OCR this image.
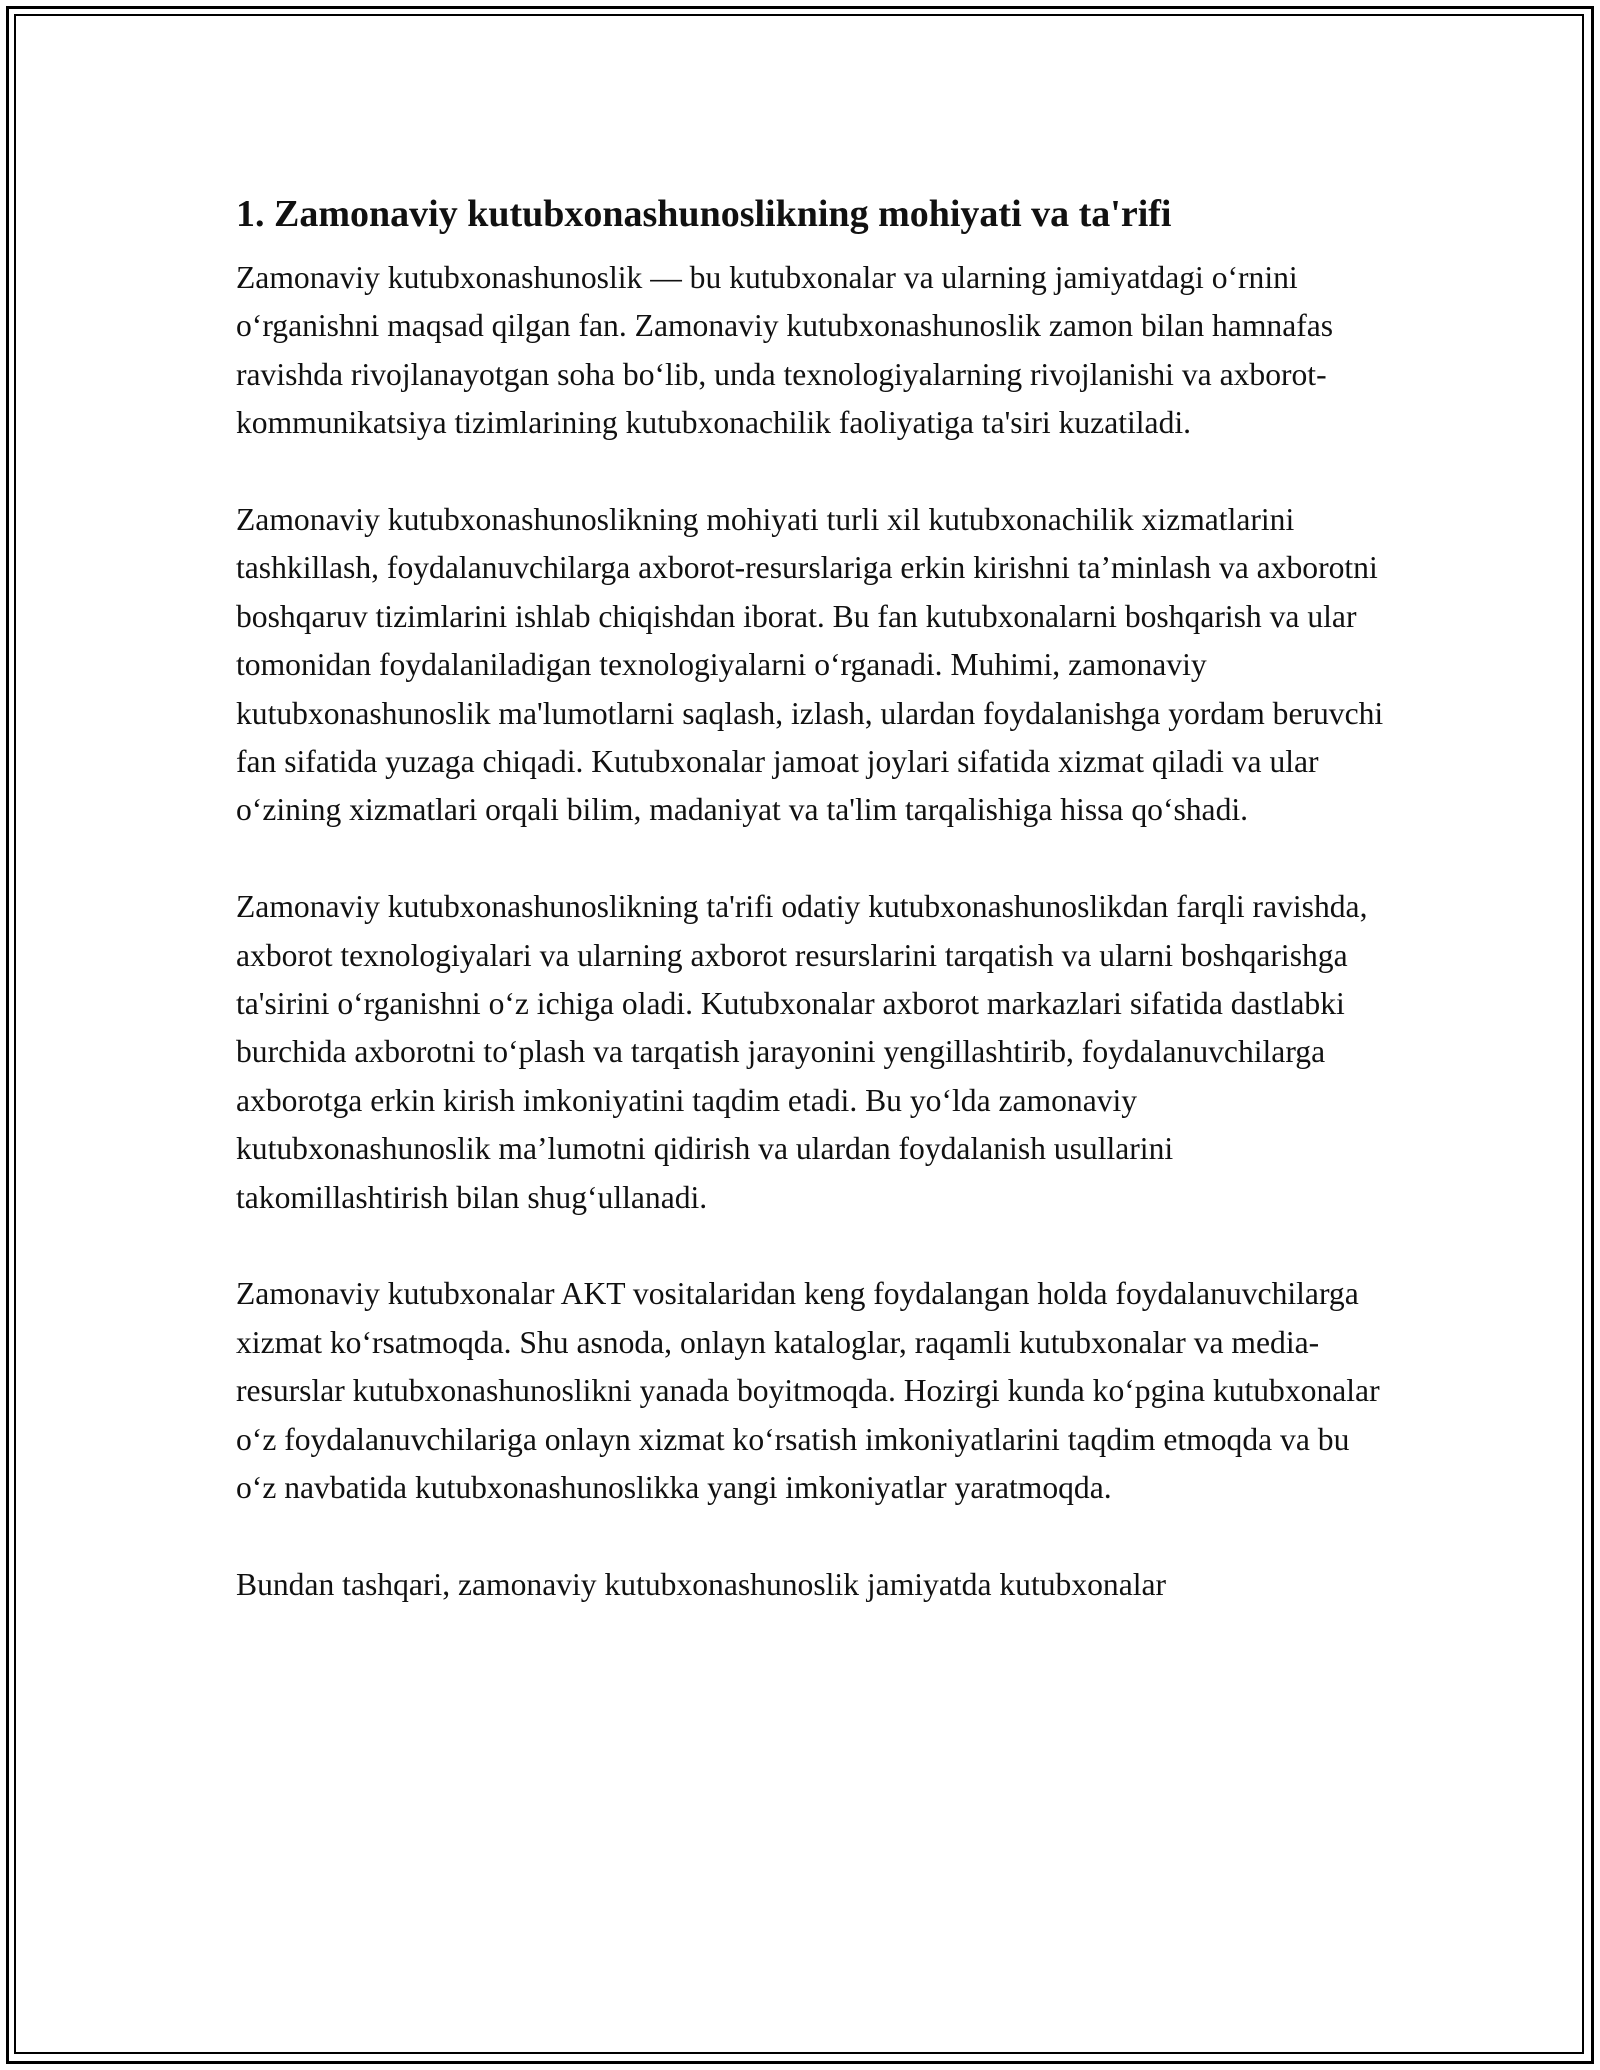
1. Zamonaviy kutubxonashunoslikning mohiyati va ta'rifi

Zamonaviy kutubxonashunoslik — bu kutubxonalar va ularning jamiyatdagi o‘rnini o‘rganishni maqsad qilgan fan. Zamonaviy kutubxonashunoslik zamon bilan hamnafas ravishda rivojlanayotgan soha bo‘lib, unda texnologiyalarning rivojlanishi va axborot-kommunikatsiya tizimlarining kutubxonachilik faoliyatiga ta'siri kuzatiladi.

Zamonaviy kutubxonashunoslikning mohiyati turli xil kutubxonachilik xizmatlarini tashkillash, foydalanuvchilarga axborot-resurslariga erkin kirishni ta’minlash va axborotni boshqaruv tizimlarini ishlab chiqishdan iborat. Bu fan kutubxonalarni boshqarish va ular tomonidan foydalaniladigan texnologiyalarni o‘rganadi. Muhimi, zamonaviy kutubxonashunoslik ma'lumotlarni saqlash, izlash, ulardan foydalanishga yordam beruvchi fan sifatida yuzaga chiqadi. Kutubxonalar jamoat joylari sifatida xizmat qiladi va ular o‘zining xizmatlari orqali bilim, madaniyat va ta'lim tarqalishiga hissa qo‘shadi.

Zamonaviy kutubxonashunoslikning ta'rifi odatiy kutubxonashunoslikdan farqli ravishda, axborot texnologiyalari va ularning axborot resurslarini tarqatish va ularni boshqarishga ta'sirini o‘rganishni o‘z ichiga oladi. Kutubxonalar axborot markazlari sifatida dastlabki burchida axborotni to‘plash va tarqatish jarayonini yengillashtirib, foydalanuvchilarga axborotga erkin kirish imkoniyatini taqdim etadi. Bu yo‘lda zamonaviy kutubxonashunoslik ma’lumotni qidirish va ulardan foydalanish usullarini takomillashtirish bilan shug‘ullanadi.

Zamonaviy kutubxonalar AKT vositalaridan keng foydalangan holda foydalanuvchilarga xizmat ko‘rsatmoqda. Shu asnoda, onlayn kataloglar, raqamli kutubxonalar va media-resurslar kutubxonashunoslikni yanada boyitmoqda. Hozirgi kunda ko‘pgina kutubxonalar o‘z foydalanuvchilariga onlayn xizmat ko‘rsatish imkoniyatlarini taqdim etmoqda va bu o‘z navbatida kutubxonashunoslikka yangi imkoniyatlar yaratmoqda.

Bundan tashqari, zamonaviy kutubxonashunoslik jamiyatda kutubxonalar
